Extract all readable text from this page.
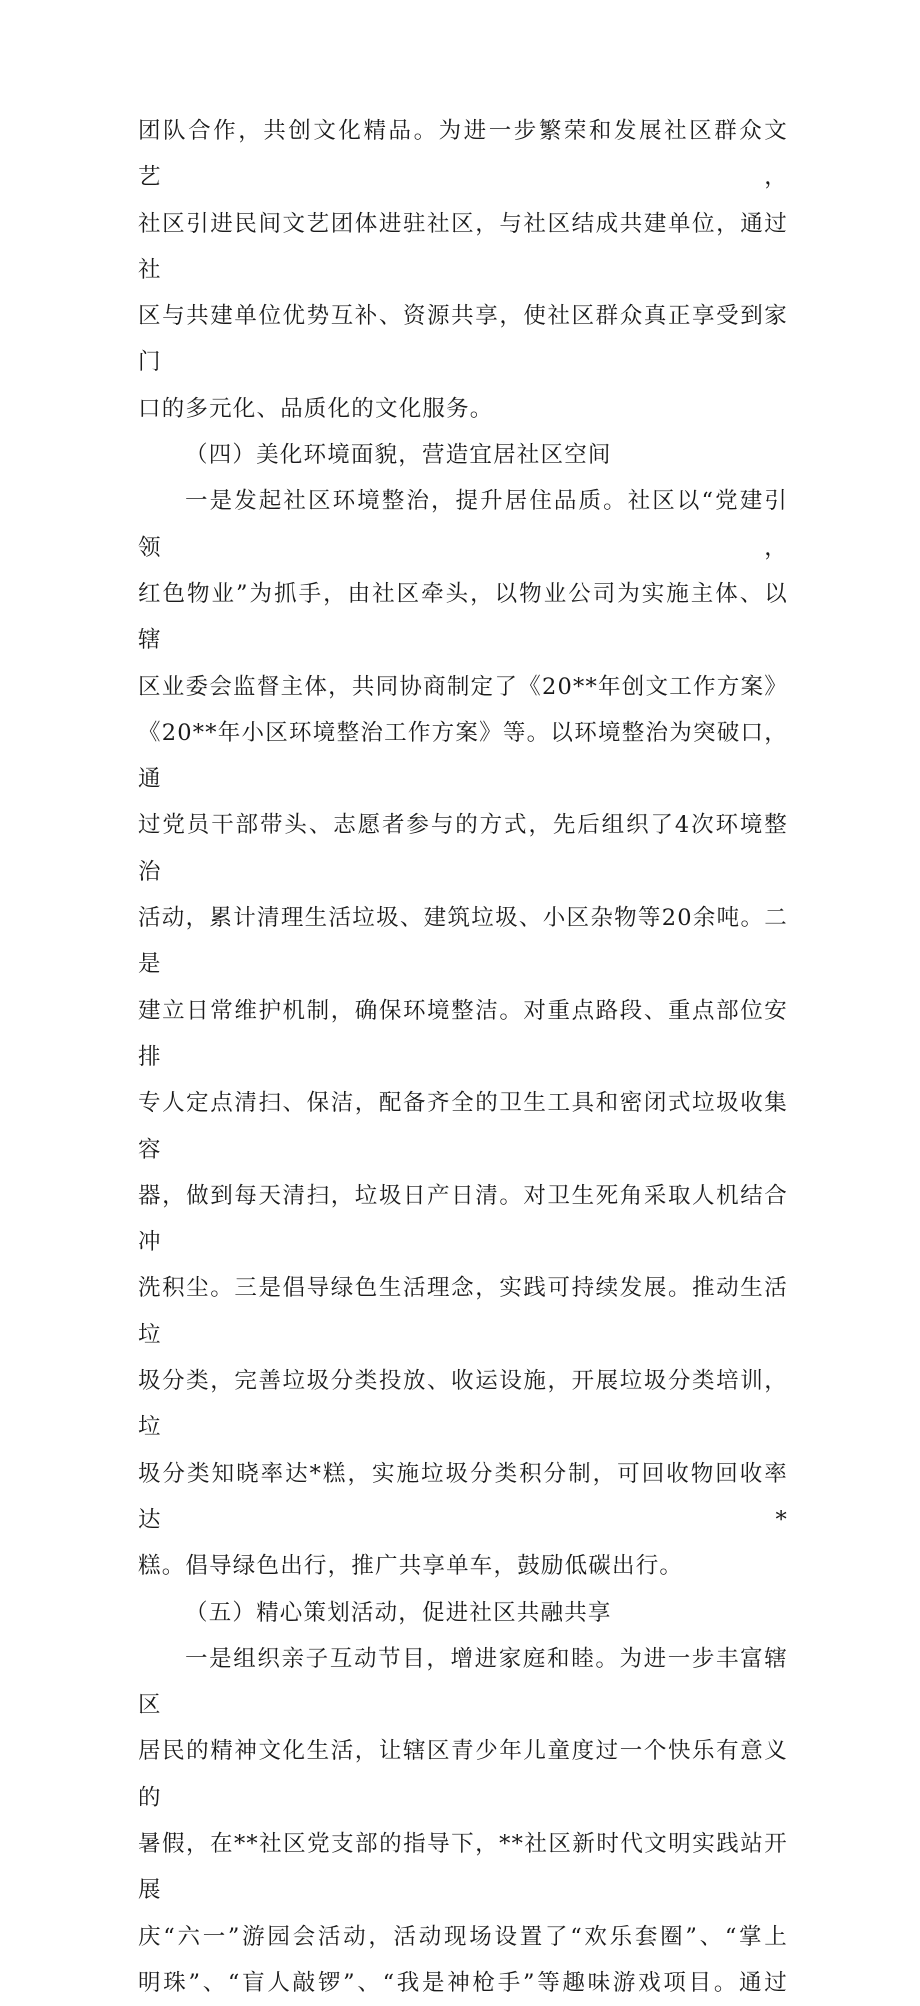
团队合作，共创文化精品。为进一步繁荣和发展社区群众文艺，

社区引进民间文艺团体进驻社区，与社区结成共建单位，通过社

区与共建单位优势互补、资源共享，使社区群众真正享受到家门

口的多元化、品质化的文化服务。

（四）美化环境面貌，营造宜居社区空间

一是发起社区环境整治，提升居住品质。社区以“党建引领，

红色物业”为抓手，由社区牵头，以物业公司为实施主体、以辖

区业委会监督主体，共同协商制定了《20**年创文工作方案》

《20**年小区环境整治工作方案》等。以环境整治为突破口，通

过党员干部带头、志愿者参与的方式，先后组织了4次环境整治

活动，累计清理生活垃圾、建筑垃圾、小区杂物等20余吨。二是

建立日常维护机制，确保环境整洁。对重点路段、重点部位安排

专人定点清扫、保洁，配备齐全的卫生工具和密闭式垃圾收集容

器，做到每天清扫，垃圾日产日清。对卫生死角采取人机结合冲

洗积尘。三是倡导绿色生活理念，实践可持续发展。推动生活垃

圾分类，完善垃圾分类投放、收运设施，开展垃圾分类培训，垃

圾分类知晓率达*糕，实施垃圾分类积分制，可回收物回收率达*

糕。倡导绿色出行，推广共享单车，鼓励低碳出行。

（五）精心策划活动，促进社区共融共享

一是组织亲子互动节目，增进家庭和睦。为进一步丰富辖区

居民的精神文化生活，让辖区青少年儿童度过一个快乐有意义的

暑假，在**社区党支部的指导下，**社区新时代文明实践站开展

庆“六一”游园会活动，活动现场设置了“欢乐套圈”、“掌上

明珠”、“盲人敲锣”、“我是神枪手”等趣味游戏项目。通过
